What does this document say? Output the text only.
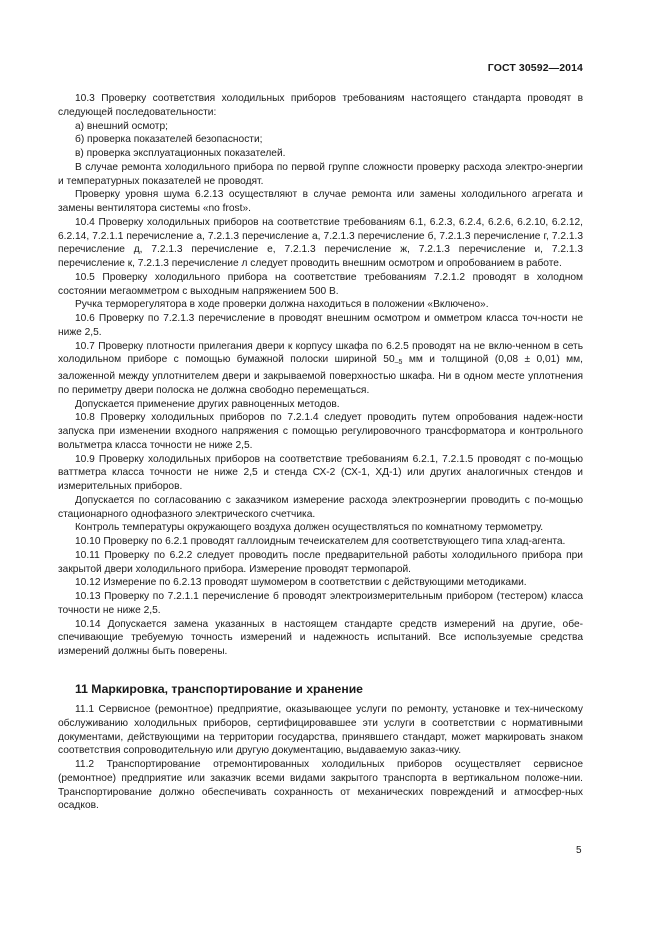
ГОСТ 30592—2014

10.3 Проверку соответствия холодильных приборов требованиям настоящего стандарта проводят в следующей последовательности:

а) внешний осмотр;

б) проверка показателей безопасности;

в) проверка эксплуатационных показателей.

В случае ремонта холодильного прибора по первой группе сложности проверку расхода электро-энергии и температурных показателей не проводят.

Проверку уровня шума 6.2.13 осуществляют в случае ремонта или замены холодильного агрегата и замены вентилятора системы «no frost».

10.4 Проверку холодильных приборов на соответствие требованиям 6.1, 6.2.3, 6.2.4, 6.2.6, 6.2.10, 6.2.12, 6.2.14, 7.2.1.1 перечисление а, 7.2.1.3 перечисление а, 7.2.1.3 перечисление б, 7.2.1.3 перечисление г, 7.2.1.3 перечисление д, 7.2.1.3 перечисление е, 7.2.1.3 перечисление ж, 7.2.1.3 перечисление и, 7.2.1.3 перечисление к, 7.2.1.3 перечисление л следует проводить внешним осмотром и опробованием в работе.

10.5 Проверку холодильного прибора на соответствие требованиям 7.2.1.2 проводят в холодном состоянии мегаомметром с выходным напряжением 500 В.

Ручка терморегулятора в ходе проверки должна находиться в положении «Включено».

10.6 Проверку по 7.2.1.3 перечисление в проводят внешним осмотром и омметром класса точ-ности не ниже 2,5.

10.7 Проверку плотности прилегания двери к корпусу шкафа по 6.2.5 проводят на не вклю-ченном в сеть холодильном приборе с помощью бумажной полоски шириной $50_{-5}$ мм и толщиной (0,08 ± 0,01) мм, заложенной между уплотнителем двери и закрываемой поверхностью шкафа. Ни в одном месте уплотнения по периметру двери полоска не должна свободно перемещаться.

Допускается применение других равноценных методов.

10.8 Проверку холодильных приборов по 7.2.1.4 следует проводить путем опробования надеж-ности запуска при изменении входного напряжения с помощью регулировочного трансформатора и контрольного вольтметра класса точности не ниже 2,5.

10.9 Проверку холодильных приборов на соответствие требованиям 6.2.1, 7.2.1.5 проводят с по-мощью ваттметра класса точности не ниже 2,5 и стенда СХ-2 (СХ-1, ХД-1) или других аналогичных стендов и измерительных приборов.

Допускается по согласованию с заказчиком измерение расхода электроэнергии проводить с по-мощью стационарного однофазного электрического счетчика.

Контроль температуры окружающего воздуха должен осуществляться по комнатному термометру.

10.10 Проверку по 6.2.1 проводят галлоидным течеискателем для соответствующего типа хлад-агента.

10.11 Проверку по 6.2.2 следует проводить после предварительной работы холодильного прибора при закрытой двери холодильного прибора. Измерение проводят термопарой.

10.12 Измерение по 6.2.13 проводят шумомером в соответствии с действующими методиками.

10.13 Проверку по 7.2.1.1 перечисление б проводят электроизмерительным прибором (тестером) класса точности не ниже 2,5.

10.14 Допускается замена указанных в настоящем стандарте средств измерений на другие, обе-спечивающие требуемую точность измерений и надежность испытаний. Все используемые средства измерений должны быть поверены.

11 Маркировка, транспортирование и хранение

11.1 Сервисное (ремонтное) предприятие, оказывающее услуги по ремонту, установке и тех-ническому обслуживанию холодильных приборов, сертифицировавшее эти услуги в соответствии с нормативными документами, действующими на территории государства, принявшего стандарт, может маркировать знаком соответствия сопроводительную или другую документацию, выдаваемую заказ-чику.

11.2 Транспортирование отремонтированных холодильных приборов осуществляет сервисное (ремонтное) предприятие или заказчик всеми видами закрытого транспорта в вертикальном положе-нии. Транспортирование должно обеспечивать сохранность от механических повреждений и атмосфер-ных осадков.

5
